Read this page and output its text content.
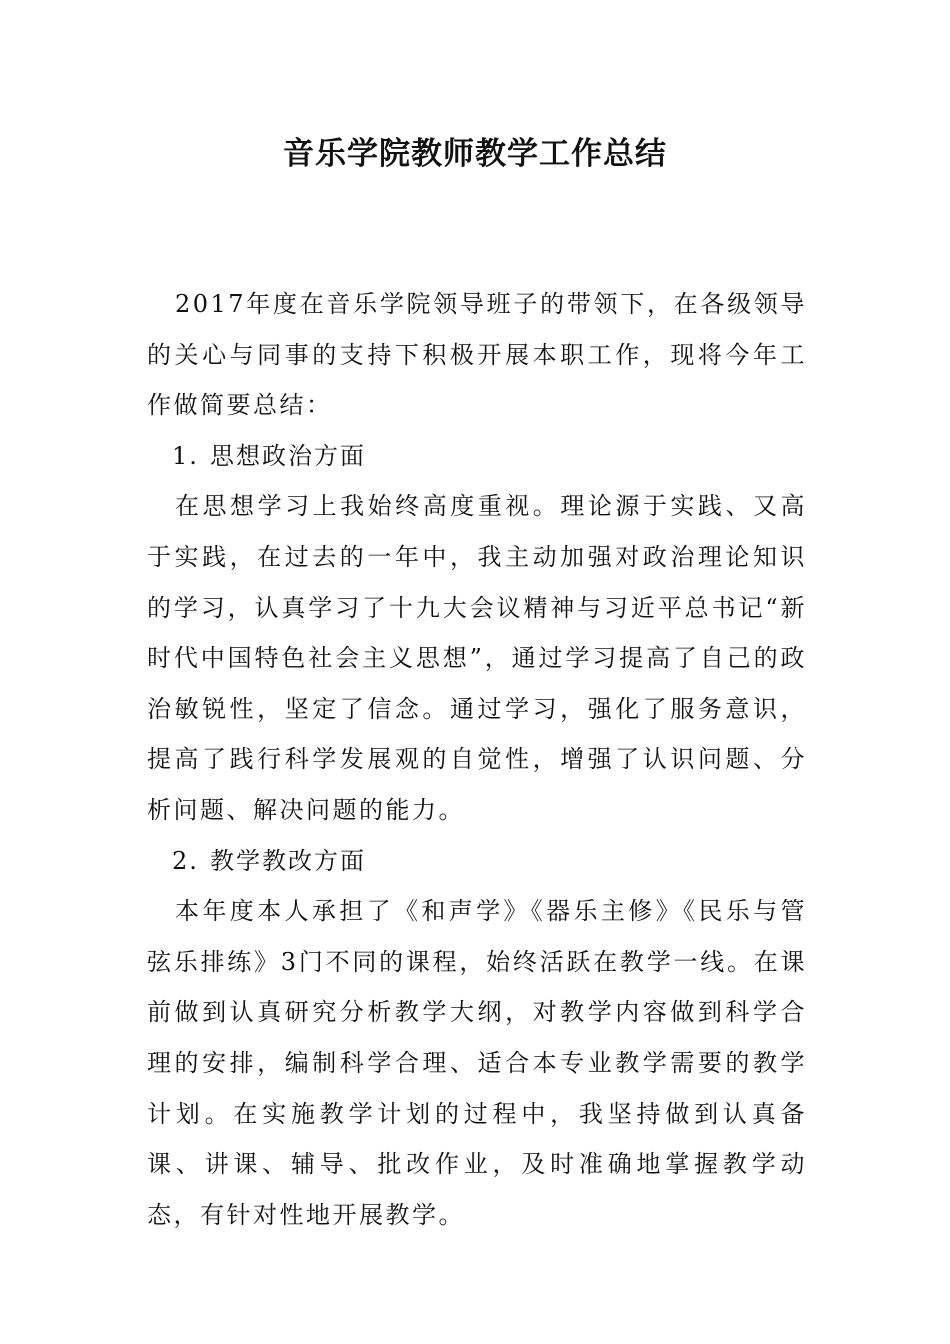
音乐学院教师教学工作总结

2017年度在音乐学院领导班子的带领下，在各级领导的关心与同事的支持下积极开展本职工作，现将今年工作做简要总结：

1. 思想政治方面

在思想学习上我始终高度重视。理论源于实践、又高于实践，在过去的一年中，我主动加强对政治理论知识的学习，认真学习了十九大会议精神与习近平总书记“新时代中国特色社会主义思想”，通过学习提高了自己的政治敏锐性，坚定了信念。通过学习，强化了服务意识，提高了践行科学发展观的自觉性，增强了认识问题、分析问题、解决问题的能力。

2. 教学教改方面

本年度本人承担了《和声学》《器乐主修》《民乐与管弦乐排练》3门不同的课程，始终活跃在教学一线。在课前做到认真研究分析教学大纲，对教学内容做到科学合理的安排，编制科学合理、适合本专业教学需要的教学计划。在实施教学计划的过程中，我坚持做到认真备课、讲课、辅导、批改作业，及时准确地掌握教学动态，有针对性地开展教学。
